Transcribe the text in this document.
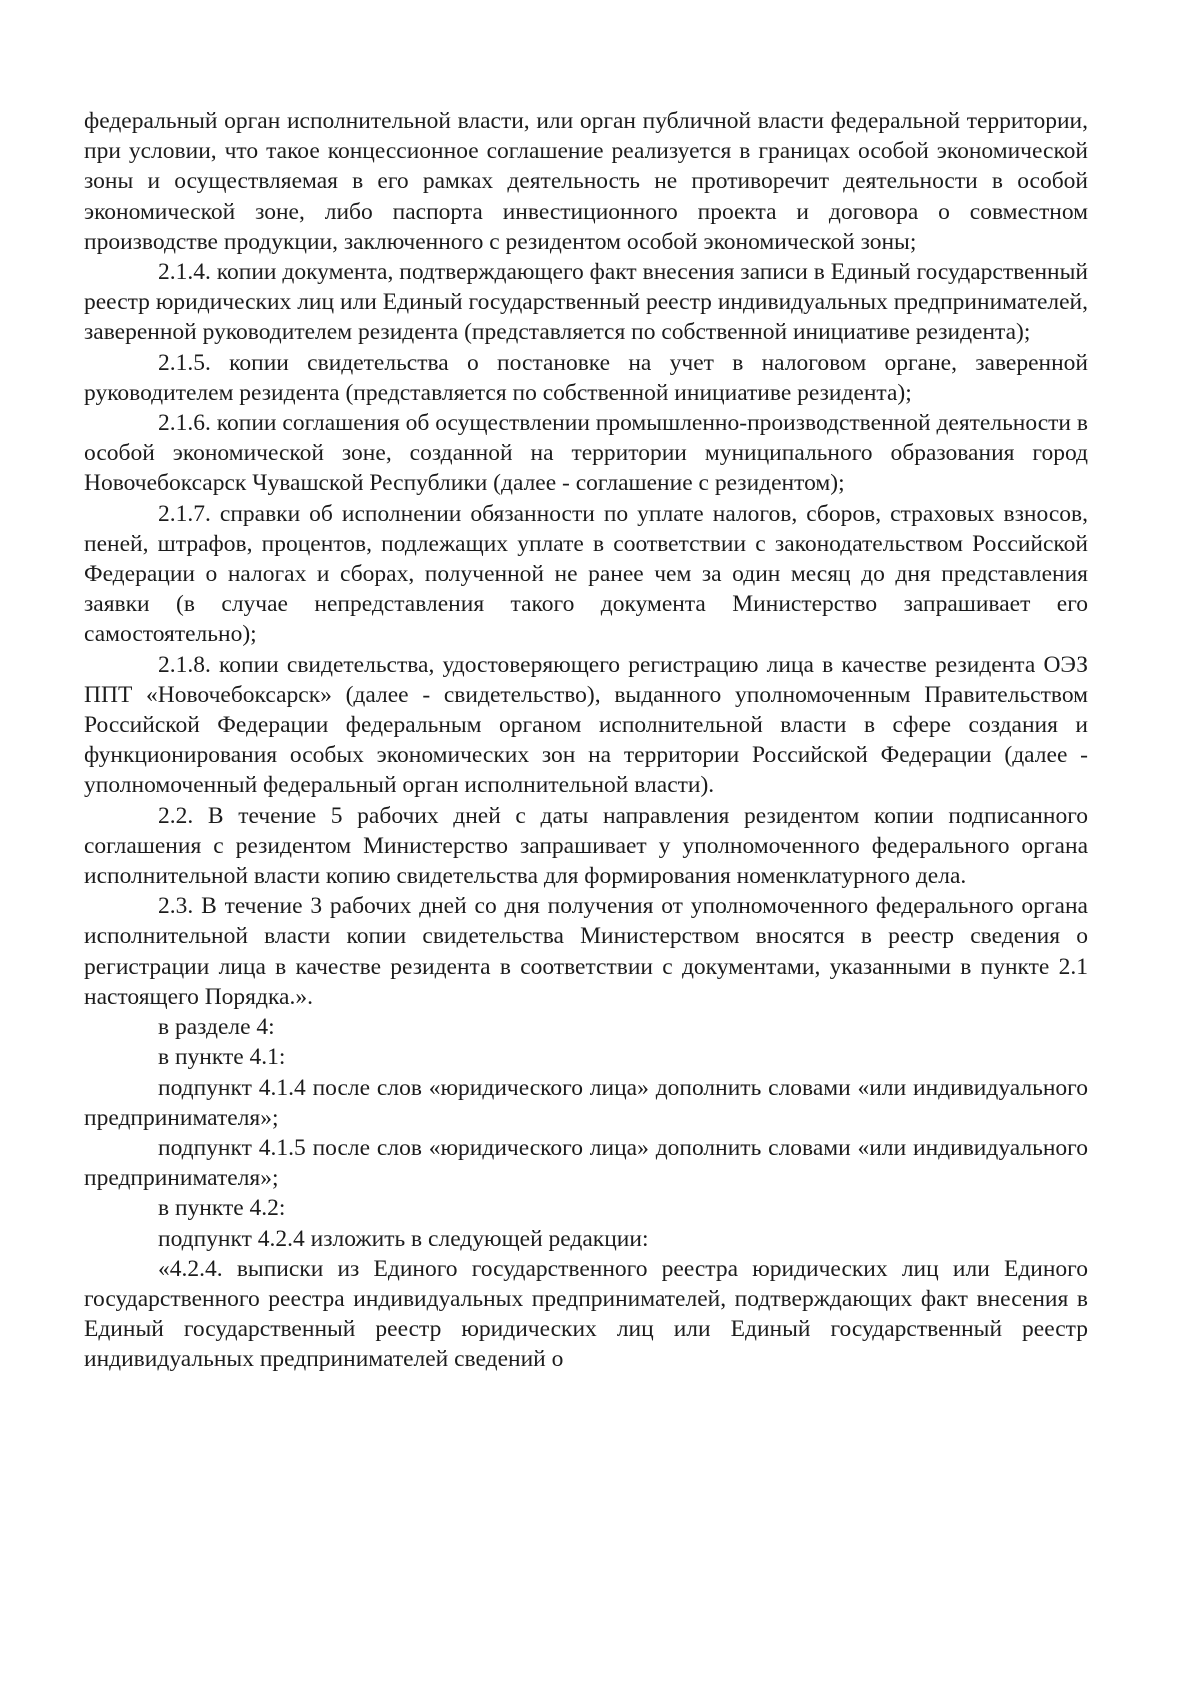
федеральный орган исполнительной власти, или орган публичной власти федеральной территории, при условии, что такое концессионное соглашение реализуется в границах особой экономической зоны и осуществляемая в его рамках деятельность не противоречит деятельности в особой экономической зоне, либо паспорта инвестиционного проекта и договора о совместном производстве продукции, заключенного с резидентом особой экономической зоны;

2.1.4. копии документа, подтверждающего факт внесения записи в Единый государственный реестр юридических лиц или Единый государственный реестр индивидуальных предпринимателей, заверенной руководителем резидента (представляется по собственной инициативе резидента);

2.1.5. копии свидетельства о постановке на учет в налоговом органе, заверенной руководителем резидента (представляется по собственной инициативе резидента);

2.1.6. копии соглашения об осуществлении промышленно-производственной деятельности в особой экономической зоне, созданной на территории муниципального образования город Новочебоксарск Чувашской Республики (далее - соглашение с резидентом);

2.1.7. справки об исполнении обязанности по уплате налогов, сборов, страховых взносов, пеней, штрафов, процентов, подлежащих уплате в соответствии с законодательством Российской Федерации о налогах и сборах, полученной не ранее чем за один месяц до дня представления заявки (в случае непредставления такого документа Министерство запрашивает его самостоятельно);

2.1.8. копии свидетельства, удостоверяющего регистрацию лица в качестве резидента ОЭЗ ППТ «Новочебоксарск» (далее - свидетельство), выданного уполномоченным Правительством Российской Федерации федеральным органом исполнительной власти в сфере создания и функционирования особых экономических зон на территории Российской Федерации (далее - уполномоченный федеральный орган исполнительной власти).

2.2. В течение 5 рабочих дней с даты направления резидентом копии подписанного соглашения с резидентом Министерство запрашивает у уполномоченного федерального органа исполнительной власти копию свидетельства для формирования номенклатурного дела.

2.3. В течение 3 рабочих дней со дня получения от уполномоченного федерального органа исполнительной власти копии свидетельства Министерством вносятся в реестр сведения о регистрации лица в качестве резидента в соответствии с документами, указанными в пункте 2.1 настоящего Порядка.».

в разделе 4:

в пункте 4.1:

подпункт 4.1.4 после слов «юридического лица» дополнить словами «или индивидуального предпринимателя»;

подпункт 4.1.5 после слов «юридического лица» дополнить словами «или индивидуального предпринимателя»;

в пункте 4.2:

подпункт 4.2.4 изложить в следующей редакции:

«4.2.4. выписки из Единого государственного реестра юридических лиц или Единого государственного реестра индивидуальных предпринимателей, подтверждающих факт внесения в Единый государственный реестр юридических лиц или Единый государственный реестр индивидуальных предпринимателей сведений о
